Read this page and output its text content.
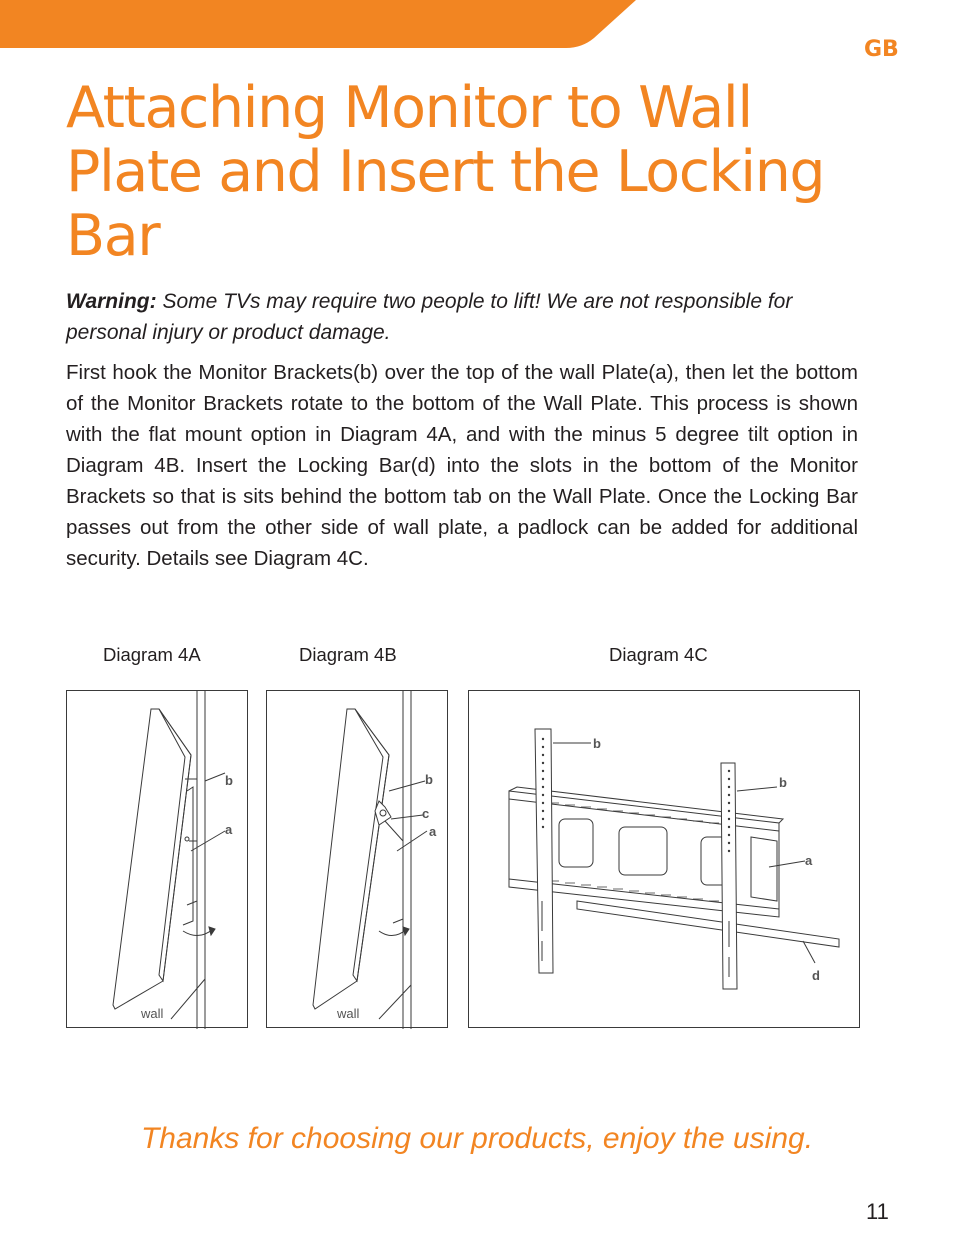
GB
Attaching Monitor to Wall Plate and Insert the Locking Bar
Warning: Some TVs may require two people to lift! We are not responsible for personal injury or product damage.

First hook the Monitor Brackets(b) over the top of the wall Plate(a), then let the bottom of the Monitor Brackets rotate to the bottom of the Wall Plate. This process is shown with the flat mount option in Diagram 4A, and with the minus 5 degree tilt option in Diagram 4B. Insert the Locking Bar(d) into the slots in the bottom of the Monitor Brackets so that is sits behind the bottom tab on the Wall Plate. Once the Locking Bar passes out from the other side of wall plate, a padlock can be added for additional security. Details see Diagram 4C.

Diagram 4A	Diagram 4B	Diagram 4C
b
a
wall
b
c
a
wall
b
b
a
d
Thanks for choosing our products, enjoy the using.
11
